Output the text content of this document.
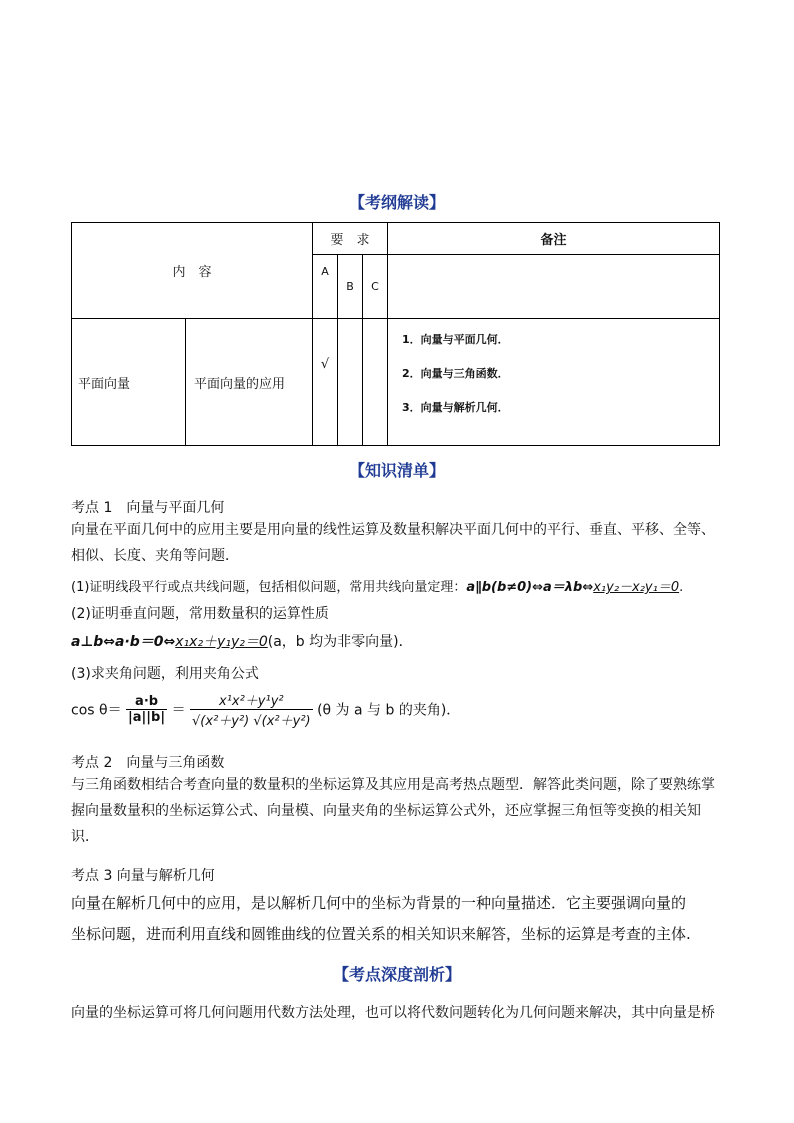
【考纲解读】
内　容		要　求			备注
		A	B	C	
平面向量	平面向量的应用	√			1．向量与平面几何．
2．向量与三角函数．
3．向量与解析几何．
【知识清单】
考点 1　向量与平面几何
向量在平面几何中的应用主要是用向量的线性运算及数量积解决平面几何中的平行、垂直、平移、全等、
相似、长度、夹角等问题．
(1)证明线段平行或点共线问题，包括相似问题，常用共线向量定理：a∥b(b≠0)⇔a＝λb⇔x₁y₂－x₂y₁＝0.
(2)证明垂直问题，常用数量积的运算性质
a⊥b⇔a·b＝0⇔x₁x₂＋y₁y₂＝0(a，b 均为非零向量)．
(3)求夹角问题，利用夹角公式
$\cos \theta= \frac{a\cdot b}{|a||b|} = \frac{\text{x¹x²＋y¹y²}}{\text{√(x²＋y²) √(x²＋y²)}} (\theta$ 为 a 与 b 的夹角)．
考点 2　向量与三角函数
与三角函数相结合考查向量的数量积的坐标运算及其应用是高考热点题型．解答此类问题，除了要熟练掌
握向量数量积的坐标运算公式、向量模、向量夹角的坐标运算公式外，还应掌握三角恒等变换的相关知
识．
考点 3 向量与解析几何
向量在解析几何中的应用，是以解析几何中的坐标为背景的一种向量描述．它主要强调向量的
坐标问题，进而利用直线和圆锥曲线的位置关系的相关知识来解答，坐标的运算是考查的主体.
【考点深度剖析】
向量的坐标运算可将几何问题用代数方法处理，也可以将代数问题转化为几何问题来解决，其中向量是桥
